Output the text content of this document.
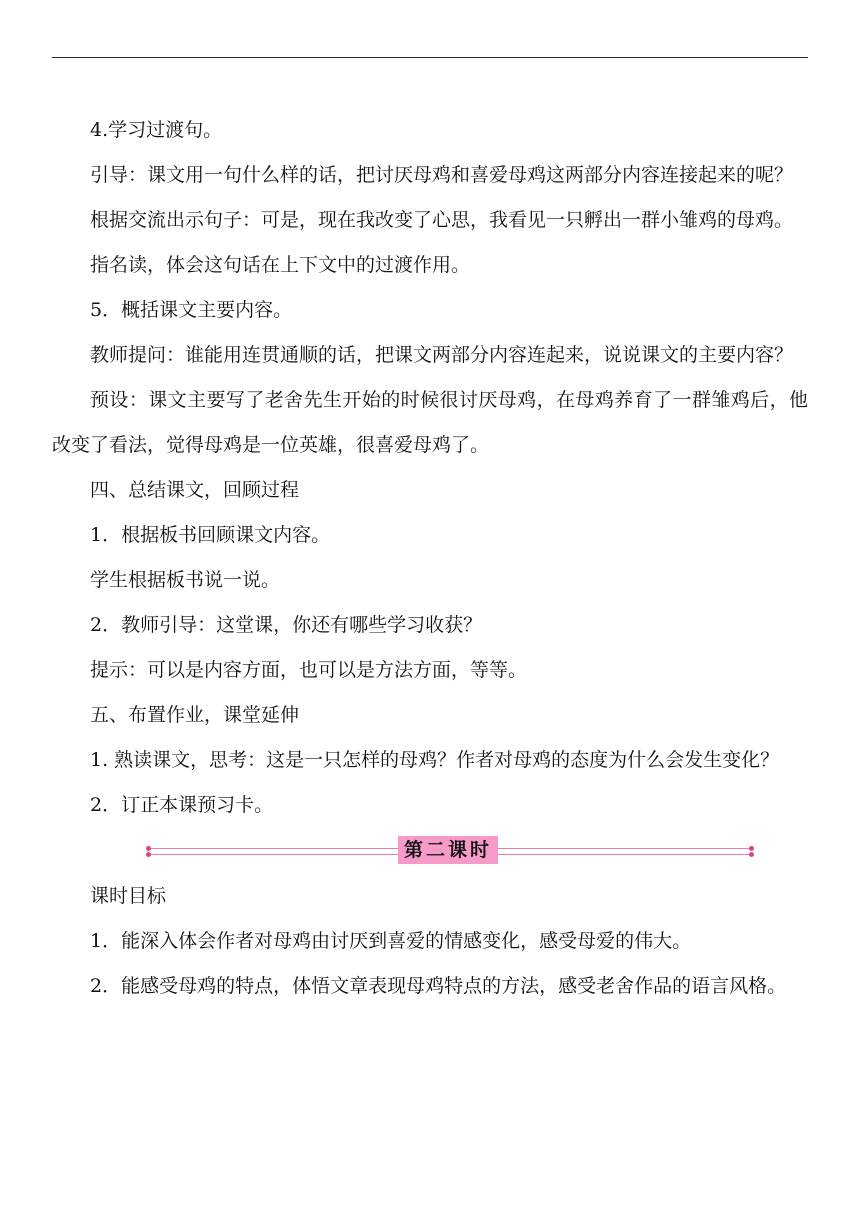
4.学习过渡句。

引导：课文用一句什么样的话，把讨厌母鸡和喜爱母鸡这两部分内容连接起来的呢？

根据交流出示句子：可是，现在我改变了心思，我看见一只孵出一群小雏鸡的母鸡。

指名读，体会这句话在上下文中的过渡作用。

5．概括课文主要内容。

教师提问：谁能用连贯通顺的话，把课文两部分内容连起来，说说课文的主要内容？

预设：课文主要写了老舍先生开始的时候很讨厌母鸡，在母鸡养育了一群雏鸡后，他改变了看法，觉得母鸡是一位英雄，很喜爱母鸡了。

四、总结课文，回顾过程

1．根据板书回顾课文内容。

学生根据板书说一说。

2．教师引导：这堂课，你还有哪些学习收获？

提示：可以是内容方面，也可以是方法方面，等等。

五、布置作业，课堂延伸

1. 熟读课文，思考：这是一只怎样的母鸡？作者对母鸡的态度为什么会发生变化？

2．订正本课预习卡。

第二课时

课时目标

1．能深入体会作者对母鸡由讨厌到喜爱的情感变化，感受母爱的伟大。

2．能感受母鸡的特点，体悟文章表现母鸡特点的方法，感受老舍作品的语言风格。
